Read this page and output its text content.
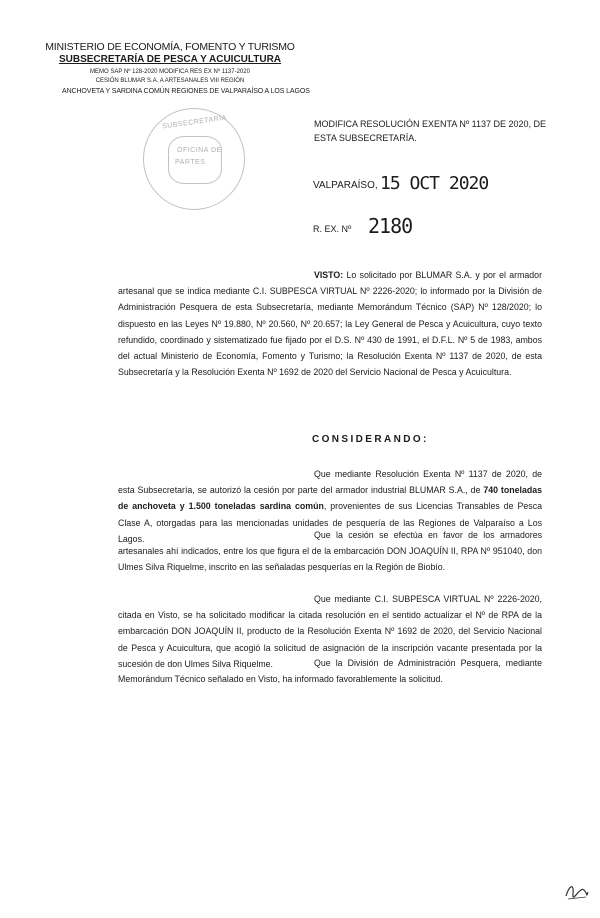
MINISTERIO DE ECONOMÍA, FOMENTO Y TURISMO
SUBSECRETARÍA DE PESCA Y ACUICULTURA
MEMO SAP Nº 128-2020 MODIFICA RES EX Nº 1137-2020
CESIÓN BLUMAR S.A. A ARTESANALES VIII REGIÓN
ANCHOVETA Y SARDINA COMÚN REGIONES DE VALPARAÍSO A LOS LAGOS
SUBSECRETARÍA
OFICINA DE
PARTES
MODIFICA RESOLUCIÓN EXENTA Nº 1137 DE 2020, DE
ESTA SUBSECRETARÍA.
VALPARAÍSO, 15 OCT 2020
R. EX. Nº 2180
VISTO: Lo solicitado por BLUMAR S.A. y por el armador artesanal que se indica mediante C.I. SUBPESCA VIRTUAL Nº 2226-2020; lo informado por la División de Administración Pesquera de esta Subsecretaría, mediante Memorándum Técnico (SAP) Nº 128/2020; lo dispuesto en las Leyes Nº 19.880, Nº 20.560, Nº 20.657; la Ley General de Pesca y Acuicultura, cuyo texto refundido, coordinado y sistematizado fue fijado por el D.S. Nº 430 de 1991, el D.F.L. Nº 5 de 1983, ambos del actual Ministerio de Economía, Fomento y Turismo; la Resolución Exenta Nº 1137 de 2020, de esta Subsecretaría y la Resolución Exenta Nº 1692 de 2020 del Servicio Nacional de Pesca y Acuicultura.
CONSIDERANDO:
Que mediante Resolución Exenta Nº 1137 de 2020, de esta Subsecretaría, se autorizó la cesión por parte del armador industrial BLUMAR S.A., de 740 toneladas de anchoveta y 1.500 toneladas sardina común, provenientes de sus Licencias Transables de Pesca Clase A, otorgadas para las mencionadas unidades de pesquería de las Regiones de Valparaíso a Los Lagos.	Que la cesión se efectúa en favor de los armadores artesanales ahí indicados, entre los que figura el de la embarcación DON JOAQUÍN II, RPA Nº 951040, don Ulmes Silva Riquelme, inscrito en las señaladas pesquerías en la Región de Biobío.
Que mediante C.I. SUBPESCA VIRTUAL Nº 2226-2020, citada en Visto, se ha solicitado modificar la citada resolución en el sentido actualizar el Nº de RPA de la embarcación DON JOAQUÍN II, producto de la Resolución Exenta Nº 1692 de 2020, del Servicio Nacional de Pesca y Acuicultura, que acogió la solicitud de asignación de la inscripción vacante presentada por la sucesión de don Ulmes Silva Riquelme.	Que la División de Administración Pesquera, mediante Memorándum Técnico señalado en Visto, ha informado favorablemente la solicitud.
